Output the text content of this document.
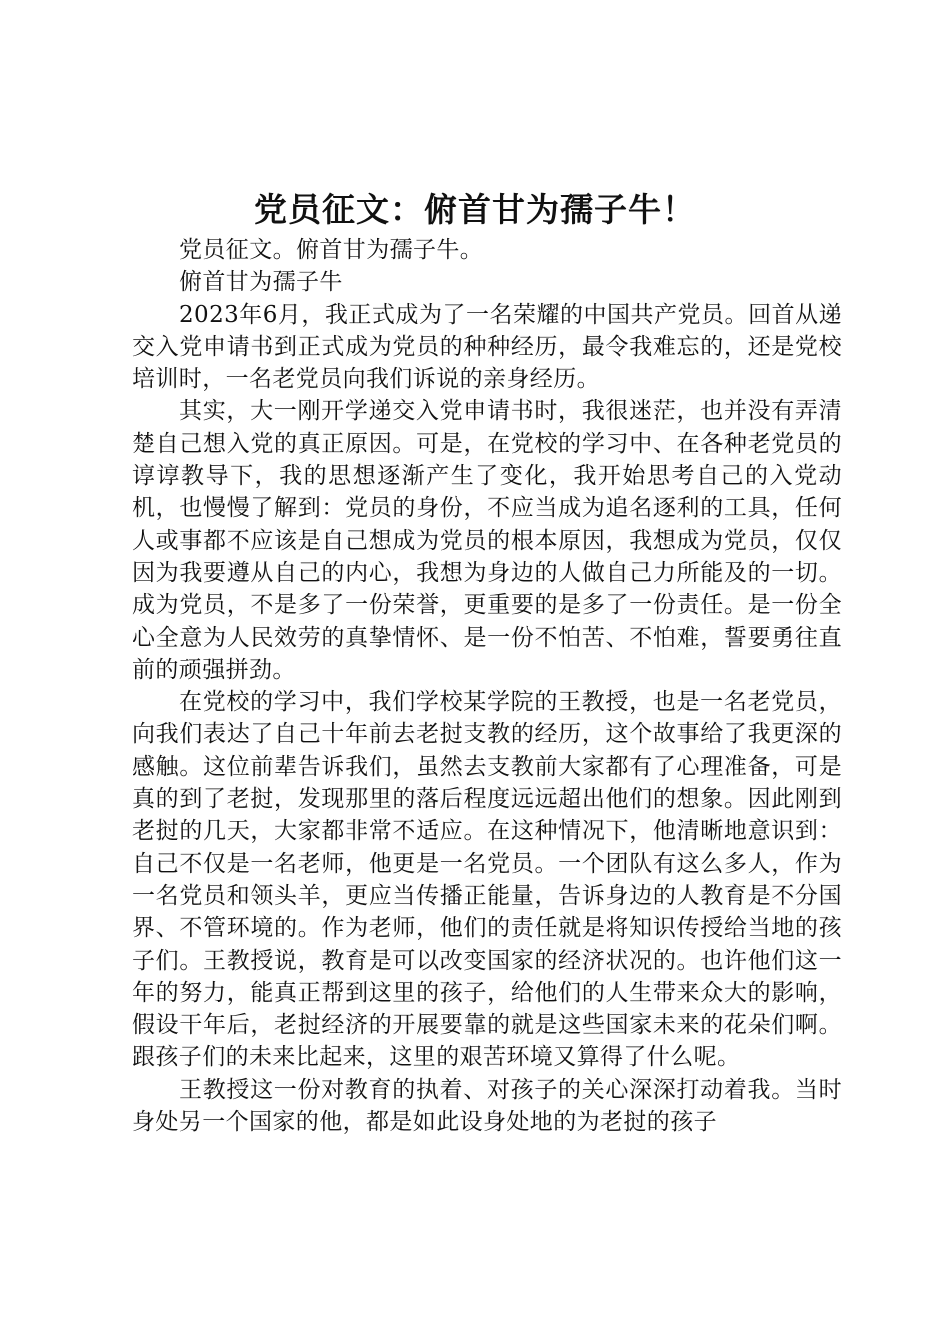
党员征文：俯首甘为孺子牛！

党员征文。俯首甘为孺子牛。

俯首甘为孺子牛

2023年6月，我正式成为了一名荣耀的中国共产党员。回首从递交入党申请书到正式成为党员的种种经历，最令我难忘的，还是党校培训时，一名老党员向我们诉说的亲身经历。

其实，大一刚开学递交入党申请书时，我很迷茫，也并没有弄清楚自己想入党的真正原因。可是，在党校的学习中、在各种老党员的谆谆教导下，我的思想逐渐产生了变化，我开始思考自己的入党动机，也慢慢了解到：党员的身份，不应当成为追名逐利的工具，任何人或事都不应该是自己想成为党员的根本原因，我想成为党员，仅仅因为我要遵从自己的内心，我想为身边的人做自己力所能及的一切。成为党员，不是多了一份荣誉，更重要的是多了一份责任。是一份全心全意为人民效劳的真挚情怀、是一份不怕苦、不怕难，誓要勇往直前的顽强拼劲。

在党校的学习中，我们学校某学院的王教授，也是一名老党员，向我们表达了自己十年前去老挝支教的经历，这个故事给了我更深的感触。这位前辈告诉我们，虽然去支教前大家都有了心理准备，可是真的到了老挝，发现那里的落后程度远远超出他们的想象。因此刚到老挝的几天，大家都非常不适应。在这种情况下，他清晰地意识到：自己不仅是一名老师，他更是一名党员。一个团队有这么多人，作为一名党员和领头羊，更应当传播正能量，告诉身边的人教育是不分国界、不管环境的。作为老师，他们的责任就是将知识传授给当地的孩子们。王教授说，教育是可以改变国家的经济状况的。也许他们这一年的努力，能真正帮到这里的孩子，给他们的人生带来众大的影响，假设干年后，老挝经济的开展要靠的就是这些国家未来的花朵们啊。跟孩子们的未来比起来，这里的艰苦环境又算得了什么呢。

王教授这一份对教育的执着、对孩子的关心深深打动着我。当时身处另一个国家的他，都是如此设身处地的为老挝的孩子
